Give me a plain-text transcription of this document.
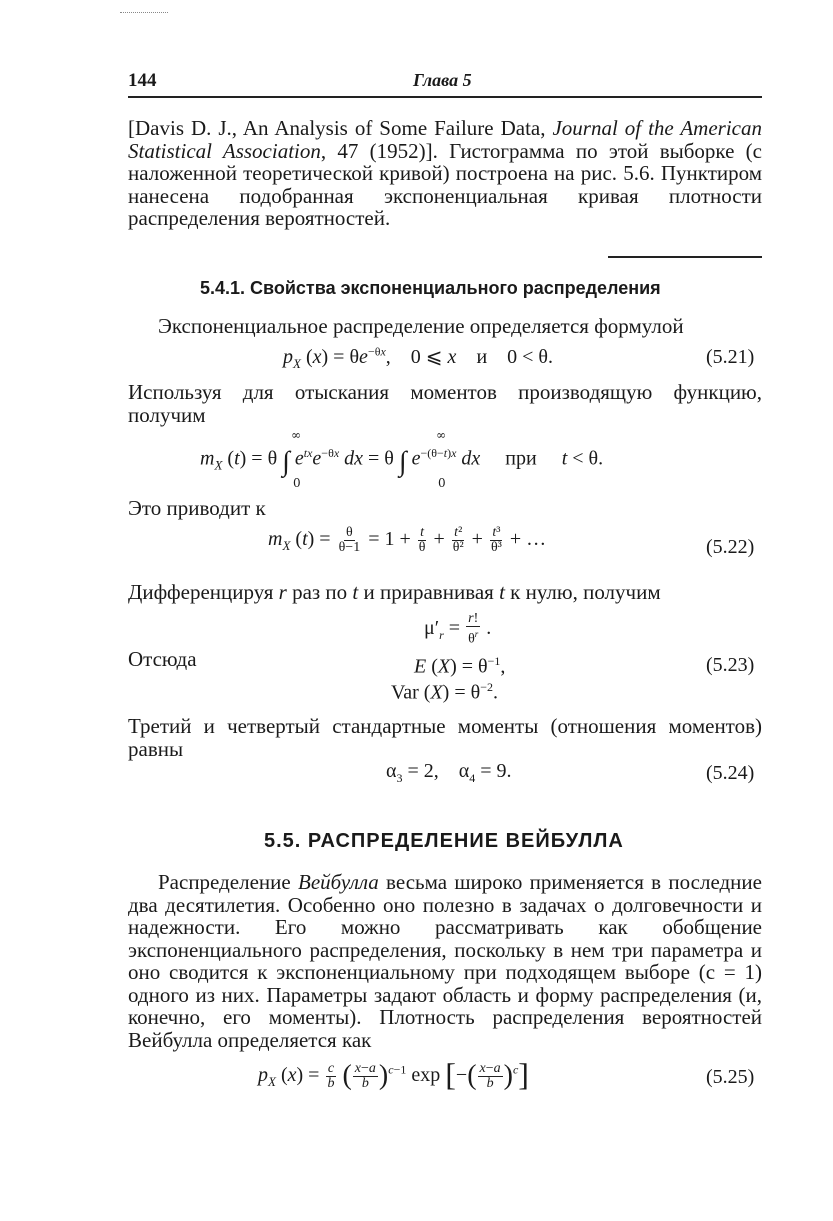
144	Глава 5

[Davis D. J., An Analysis of Some Failure Data, Journal of the American Statistical Association, 47 (1952)]. Гистограмма по этой выборке (с наложенной теоретической кривой) построена на рис. 5.6. Пунктиром нанесена подобранная экспоненциальная кривая плотности распределения вероятностей.

5.4.1. Свойства экспоненциального распределения

Экспоненциальное распределение определяется формулой

$p_X$ $(x) = \theta e^{-\theta x}$,    0 ⩽ x    и    0 < θ.	(5.21)

Используя для отыскания моментов производящую функцию, получим

$m_X$ (t) = θ ∫ $e^{tx}e^{-\theta x}$ dx = θ ∫ $e^{-(\theta-t)x}$ dx     при     t < θ.
∞
0
∞
0

Это приводит к

$m_X$ $(t) = \frac{\theta}{\theta-1} = 1 + \frac{t}{\theta} + \frac{\text{t²}}{\text{θ²}} + \frac{\text{t³}}{\text{θ³}}$ + …	(5.22)

Дифференцируя r раз по t и приравнивая t к нулю, получим

$\mu'_r = \frac{r!}{\theta^r}$ .

Отсюда	E $(X) = \theta^{-1}$,
Var $(X) = \theta^{-2}$.
(5.23)

Третий и четвертый стандартные моменты (отношения моментов) равны

$\alpha_3 = 2$,    $\alpha_4 = 9$.	(5.24)
5.5. РАСПРЕДЕЛЕНИЕ ВЕЙБУЛЛА

Распределение Вейбулла весьма широко применяется в последние два десятилетия. Особенно оно полезно в задачах о долговечности и надежности. Его можно рассматривать как обобщение экспоненциального распределения, поскольку в нем три параметра и оно сводится к экспоненциальному при подходящем выборе (c = 1) одного из них. Параметры задают область и форму распределения (и, конечно, его моменты). Плотность распределения вероятностей Вейбулла определяется как

$p_X$ $(x) = \frac{c}{b}$ ( $\frac{x-a}{b} )^{c-1}$ exp [−( $\frac{x-a}{b} )^c$]	(5.25)
